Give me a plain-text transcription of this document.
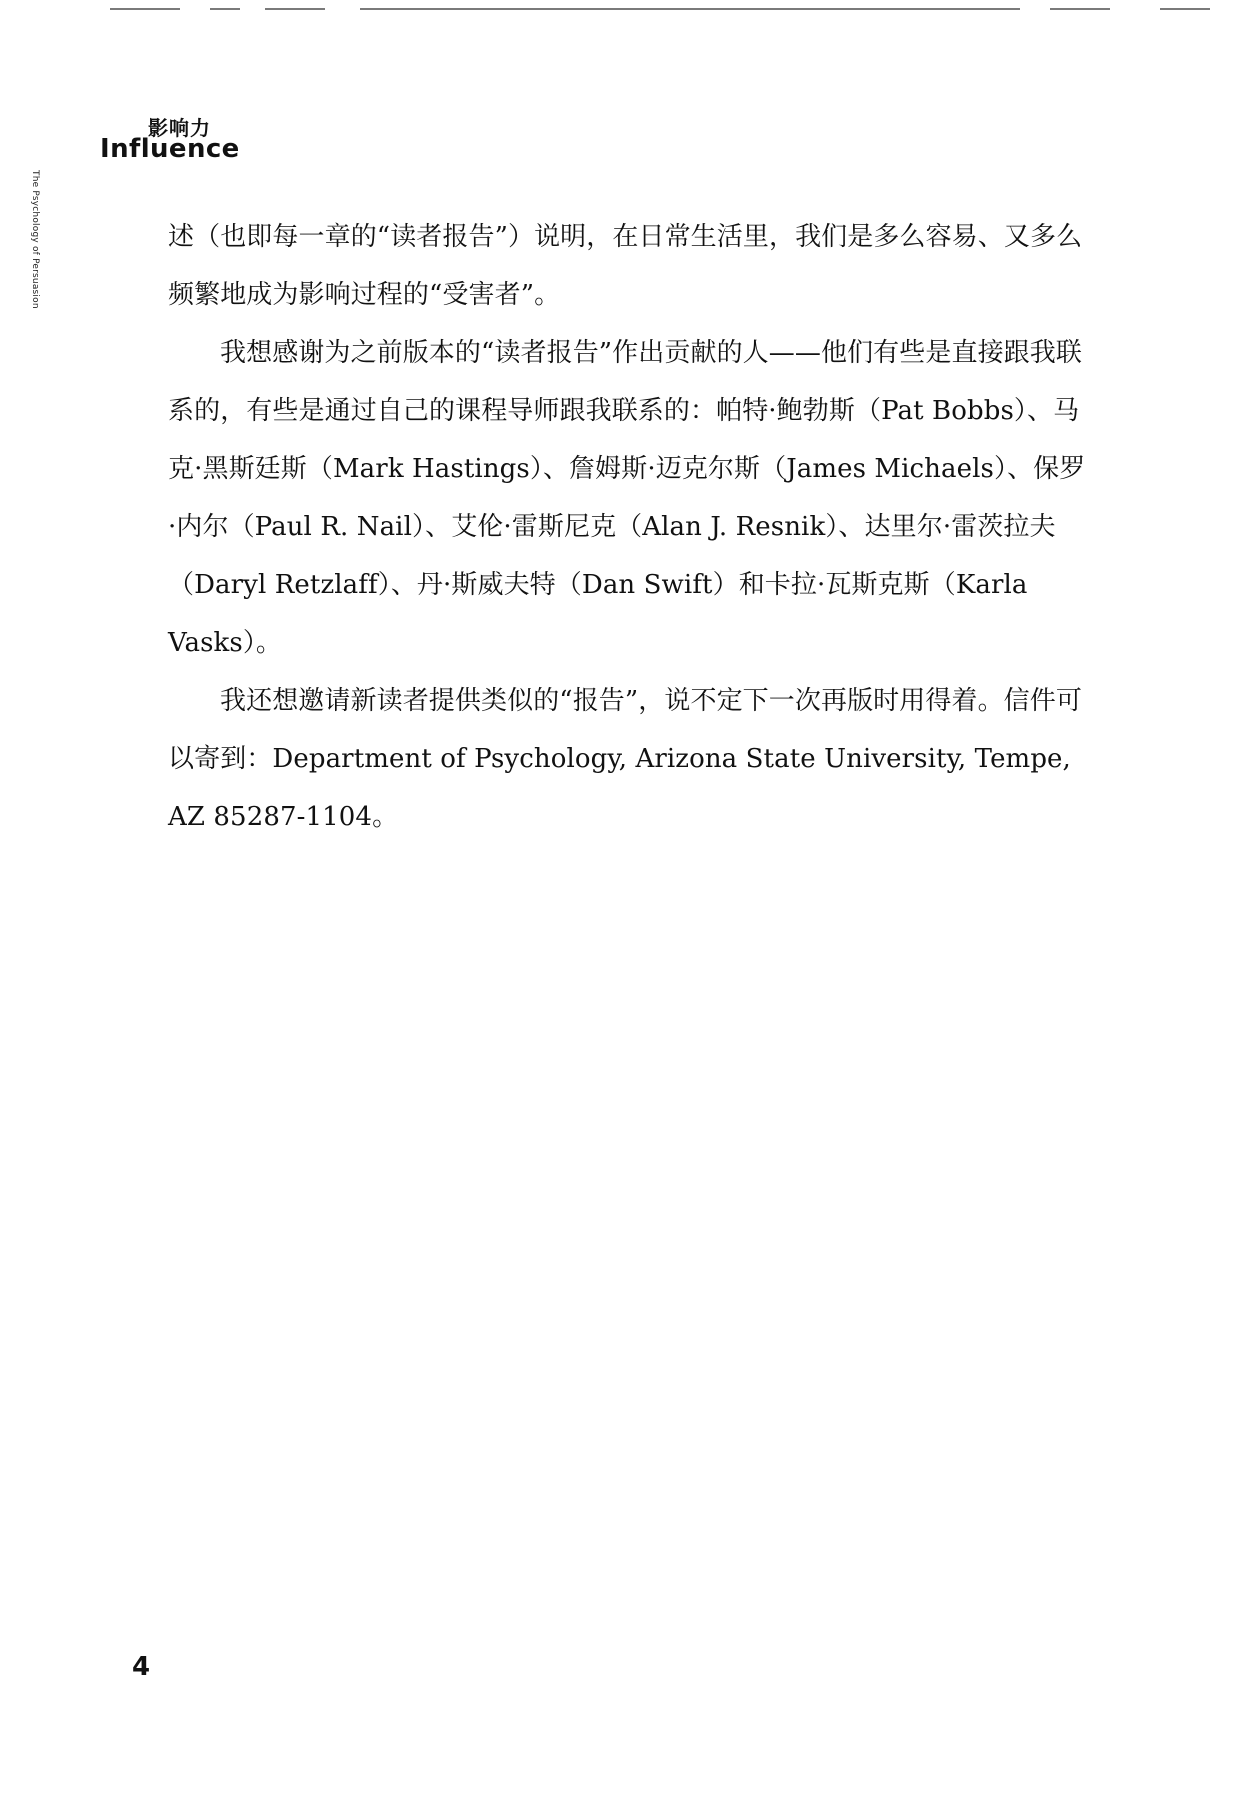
影响力
Influence
The Psychology of Persuasion	述（也即每一章的“读者报告”）说明，在日常生活里，我们是多么容易、又多么频繁地成为影响过程的“受害者”。

我想感谢为之前版本的“读者报告”作出贡献的人——他们有些是直接跟我联系的，有些是通过自己的课程导师跟我联系的：帕特·鲍勃斯（Pat Bobbs）、马克·黑斯廷斯（Mark Hastings）、詹姆斯·迈克尔斯（James Michaels）、保罗·内尔（Paul R. Nail）、艾伦·雷斯尼克（Alan J. Resnik）、达里尔·雷茨拉夫（Daryl Retzlaff）、丹·斯威夫特（Dan Swift）和卡拉·瓦斯克斯（Karla Vasks）。

我还想邀请新读者提供类似的“报告”，说不定下一次再版时用得着。信件可以寄到：Department of Psychology, Arizona State University, Tempe, AZ 85287-1104。

4
